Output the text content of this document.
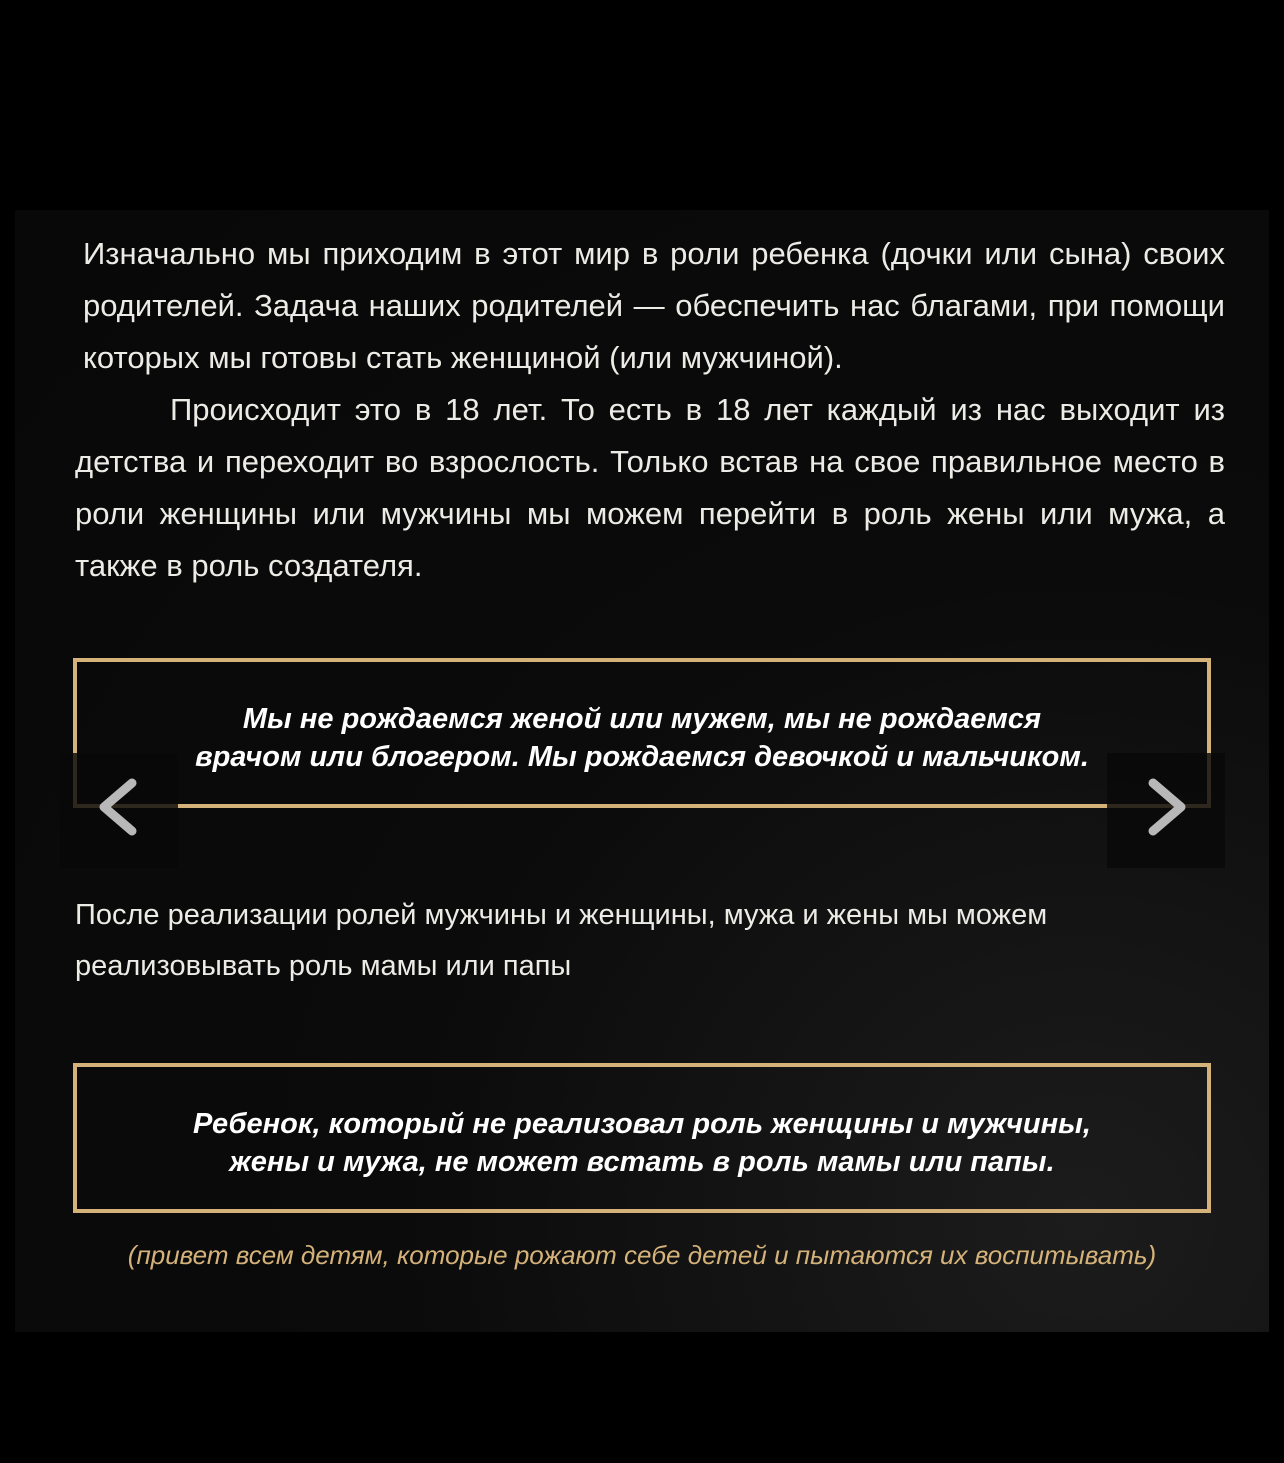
Изначально мы приходим в этот мир в роли ребенка (дочки или сына) своих родителей. Задача наших родителей — обеспечить нас благами, при помощи которых мы готовы стать женщиной (или мужчиной).

Происходит это в 18 лет. То есть в 18 лет каждый из нас выходит из детства и переходит во взрослость. Только встав на свое правильное место в роли женщины или мужчины мы можем перейти в роль жены или мужа, а также в роль создателя.

Мы не рождаемся женой или мужем, мы не рождаемся
врачом или блогером. Мы рождаемся девочкой и мальчиком.
После реализации ролей мужчины и женщины, мужа и жены мы можем реализовывать роль мамы или папы
Ребенок, который не реализовал роль женщины и мужчины,
жены и мужа, не может встать в роль мамы или папы.
(привет всем детям, которые рожают себе детей и пытаются их воспитывать)
